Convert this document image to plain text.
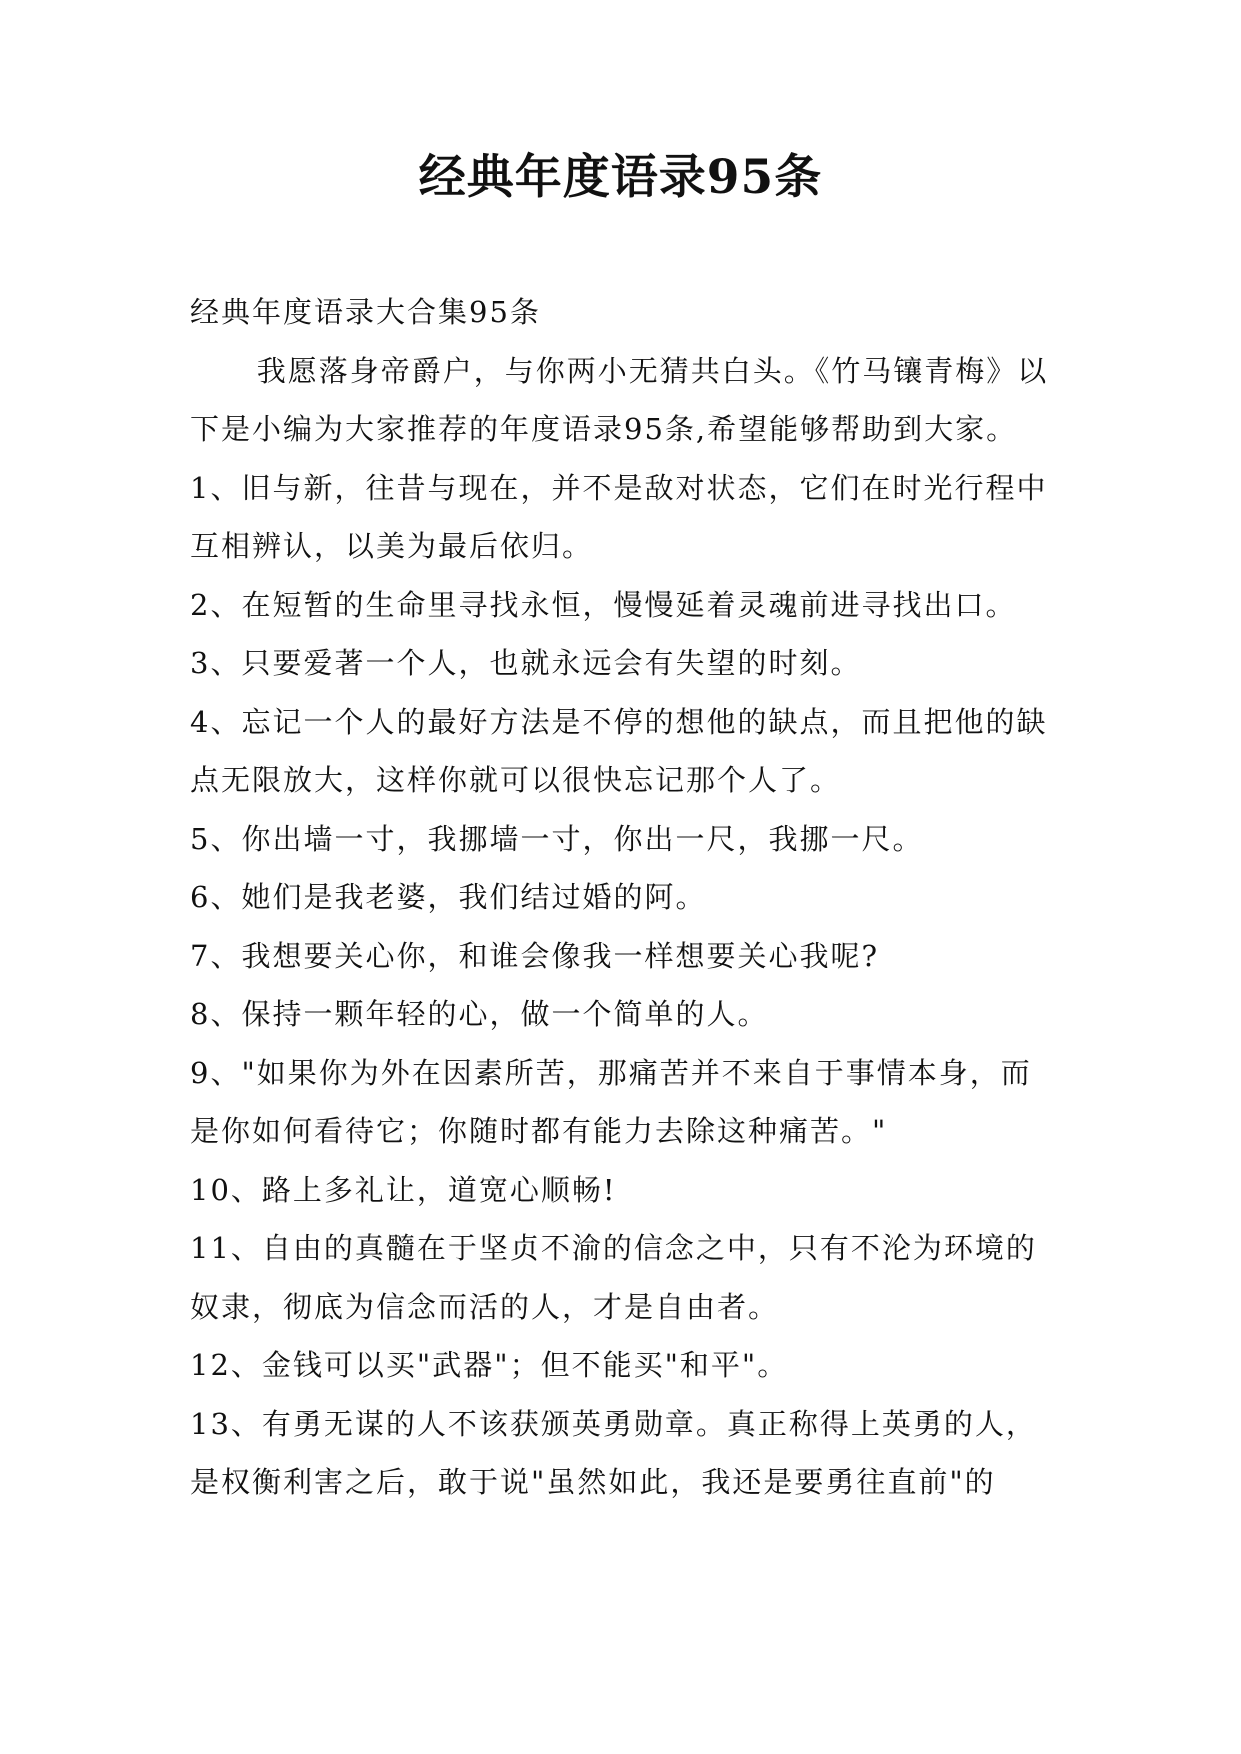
经典年度语录95条

经典年度语录大合集95条

我愿落身帝爵户，与你两小无猜共白头。《竹马镶青梅》以下是小编为大家推荐的年度语录95条,希望能够帮助到大家。

1、旧与新，往昔与现在，并不是敌对状态，它们在时光行程中互相辨认，以美为最后依归。

2、在短暂的生命里寻找永恒，慢慢延着灵魂前进寻找出口。

3、只要爱著一个人，也就永远会有失望的时刻。

4、忘记一个人的最好方法是不停的想他的缺点，而且把他的缺点无限放大，这样你就可以很快忘记那个人了。

5、你出墙一寸，我挪墙一寸，你出一尺，我挪一尺。

6、她们是我老婆，我们结过婚的阿。

7、我想要关心你，和谁会像我一样想要关心我呢?

8、保持一颗年轻的心，做一个简单的人。

9、"如果你为外在因素所苦，那痛苦并不来自于事情本身，而是你如何看待它；你随时都有能力去除这种痛苦。"

10、路上多礼让，道宽心顺畅!

11、自由的真髓在于坚贞不渝的信念之中，只有不沦为环境的奴隶，彻底为信念而活的人，才是自由者。

12、金钱可以买"武器"；但不能买"和平"。

13、有勇无谋的人不该获颁英勇勋章。真正称得上英勇的人，是权衡利害之后，敢于说"虽然如此，我还是要勇往直前"的
